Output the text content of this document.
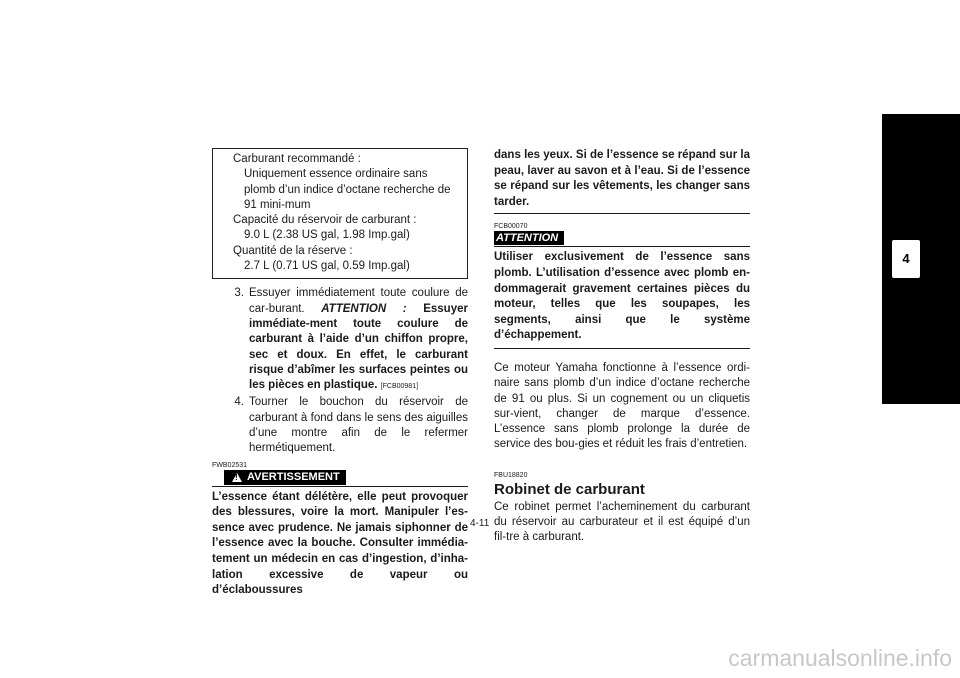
Carburant recommandé :
Uniquement essence ordinaire sans plomb d’un indice d’octane recherche de 91 mini-mum
Capacité du réservoir de carburant :
9.0 L (2.38 US gal, 1.98 Imp.gal)
Quantité de la réserve :
2.7 L (0.71 US gal, 0.59 Imp.gal)
3. Essuyer immédiatement toute coulure de car-burant. ATTENTION : Essuyer immédiate-ment toute coulure de carburant à l’aide d’un chiffon propre, sec et doux. En effet, le carburant risque d’abîmer les surfaces peintes ou les pièces en plastique. [FCB00981]
4. Tourner le bouchon du réservoir de carburant à fond dans le sens des aiguilles d’une montre afin de le refermer hermétiquement.
FWB02531
!
AVERTISSEMENT
L’essence étant délétère, elle peut provoquer des blessures, voire la mort. Manipuler l’es-sence avec prudence. Ne jamais siphonner de l’essence avec la bouche. Consulter immédia-tement un médecin en cas d’ingestion, d’inha-lation excessive de vapeur ou d’éclaboussures
dans les yeux. Si de l’essence se répand sur la peau, laver au savon et à l’eau. Si de l’essence se répand sur les vêtements, les changer sans tarder.
FCB00070
ATTENTION
Utiliser exclusivement de l’essence sans plomb. L’utilisation d’essence avec plomb en-dommagerait gravement certaines pièces du moteur, telles que les soupapes, les segments, ainsi que le système d’échappement.
Ce moteur Yamaha fonctionne à l’essence ordi-naire sans plomb d’un indice d’octane recherche de 91 ou plus. Si un cognement ou un cliquetis sur-vient, changer de marque d’essence. L’essence sans plomb prolonge la durée de service des bou-gies et réduit les frais d’entretien.
FBU18820
Robinet de carburant
Ce robinet permet l’acheminement du carburant du réservoir au carburateur et il est équipé d’un fil-tre à carburant.
4-11
4
carmanualsonline.info
